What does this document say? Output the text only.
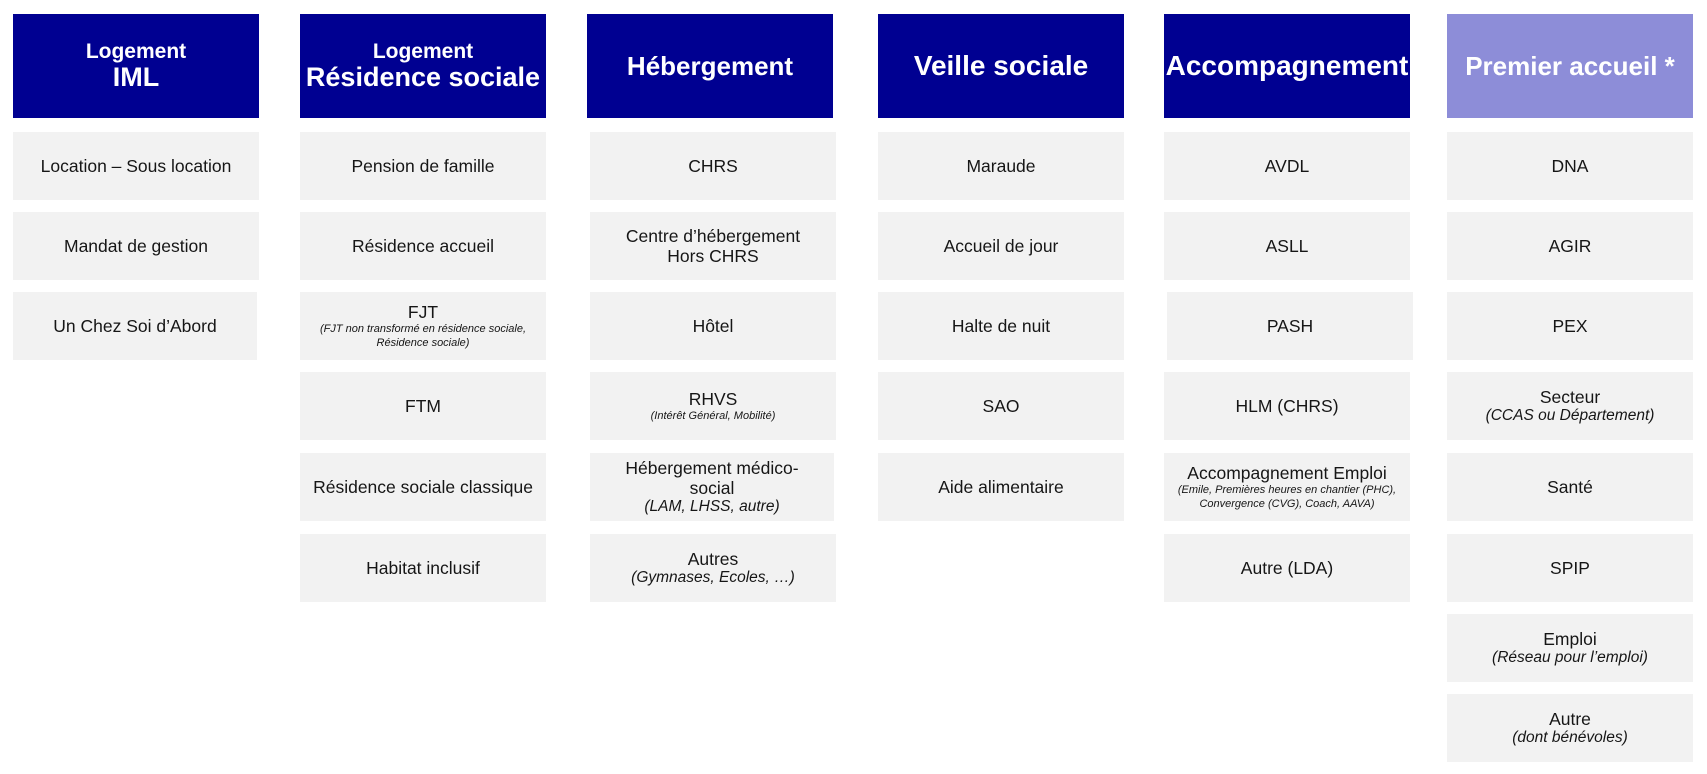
Logement
IML
Location – Sous location
Mandat de gestion
Un Chez Soi d’Abord
Logement
Résidence sociale
Pension de famille
Résidence accueil
FJT
(FJT non transformé en résidence sociale, Résidence sociale)
FTM
Résidence sociale classique
Habitat inclusif
Hébergement
CHRS
Centre d’hébergement Hors CHRS
Hôtel
RHVS
(Intérêt Général, Mobilité)
Hébergement médico-social
(LAM, LHSS, autre)
Autres
(Gymnases, Ecoles, …)
Veille sociale
Maraude
Accueil de jour
Halte de nuit
SAO
Aide alimentaire
Accompagnement
AVDL
ASLL
PASH
HLM (CHRS)
Accompagnement Emploi
(Emile, Premières heures en chantier (PHC), Convergence (CVG), Coach, AAVA)
Autre (LDA)
Premier accueil *
DNA
AGIR
PEX
Secteur
(CCAS ou Département)
Santé
SPIP
Emploi
(Réseau pour l’emploi)
Autre
(dont bénévoles)
